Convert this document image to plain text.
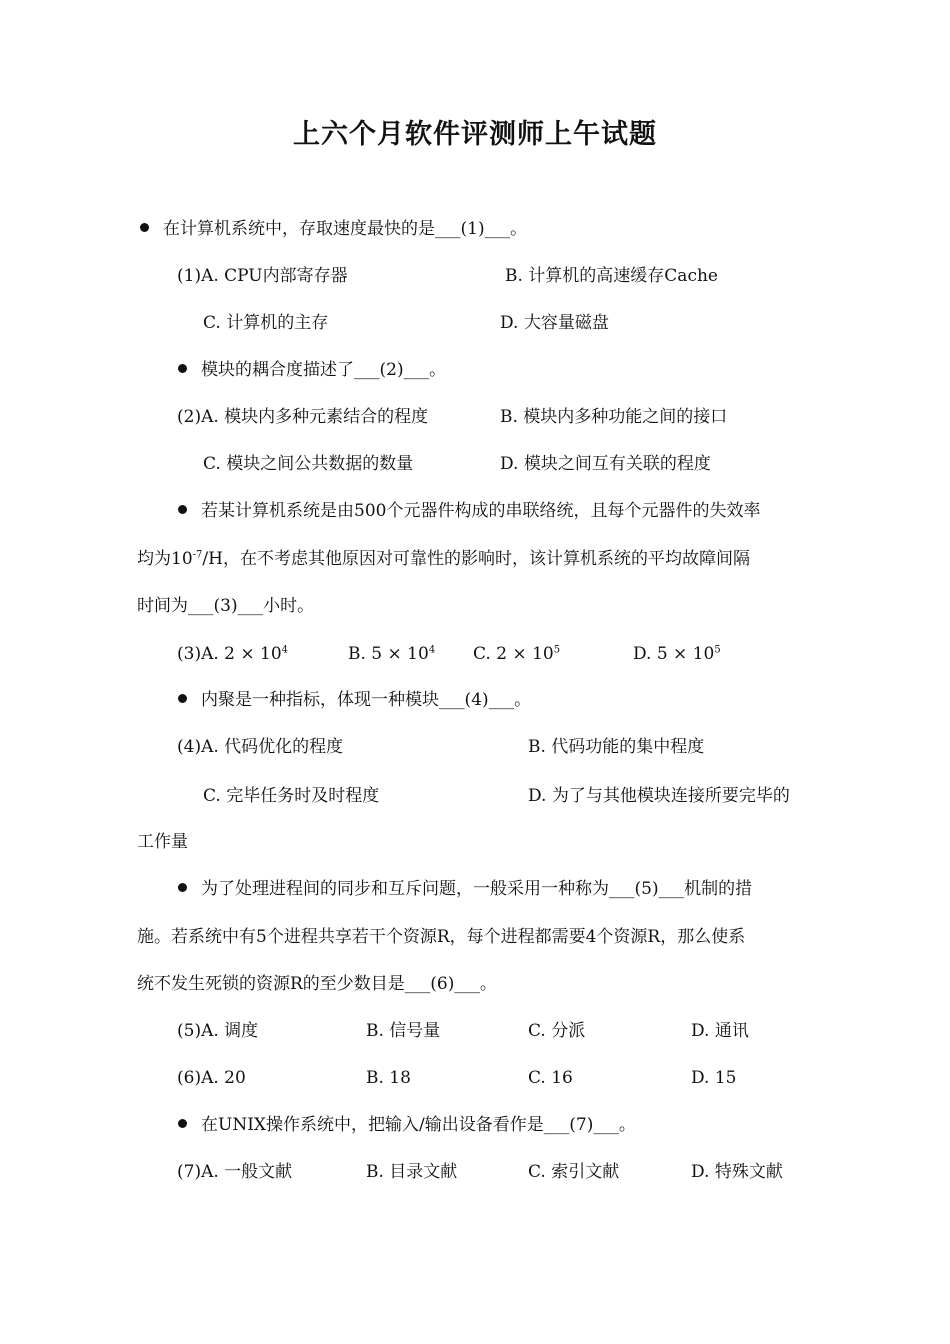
上六个月软件评测师上午试题
在计算机系统中，存取速度最快的是___(1)___。
(1)A. CPU内部寄存器	B. 计算机的高速缓存Cache
C. 计算机的主存	D. 大容量磁盘
模块的耦合度描述了___(2)___。
(2)A. 模块内多种元素结合的程度	B. 模块内多种功能之间的接口
C. 模块之间公共数据的数量	D. 模块之间互有关联的程度
若某计算机系统是由500个元器件构成的串联络统，且每个元器件的失效率
均为$10^{-7}/H$，在不考虑其他原因对可靠性的影响时，该计算机系统的平均故障间隔
时间为___(3)___小时。
(3)A. $2 \times 10^4$	B. $5 \times 10^4$ C. $2 \times 10^5$	D. $5 \times 10^5$
内聚是一种指标，体现一种模块___(4)___。
(4)A. 代码优化的程度	B. 代码功能的集中程度
C. 完毕任务时及时程度	D. 为了与其他模块连接所要完毕的
工作量
为了处理进程间的同步和互斥问题，一般采用一种称为___(5)___机制的措
施。若系统中有5个进程共享若干个资源R，每个进程都需要4个资源R，那么使系
统不发生死锁的资源R的至少数目是___(6)___。
(5)A. 调度	B. 信号量	C. 分派	D. 通讯
(6)A. 20	B. 18	C. 16	D. 15
在UNIX操作系统中，把输入/输出设备看作是___(7)___。
(7)A. 一般文献	B. 目录文献	C. 索引文献	D. 特殊文献
